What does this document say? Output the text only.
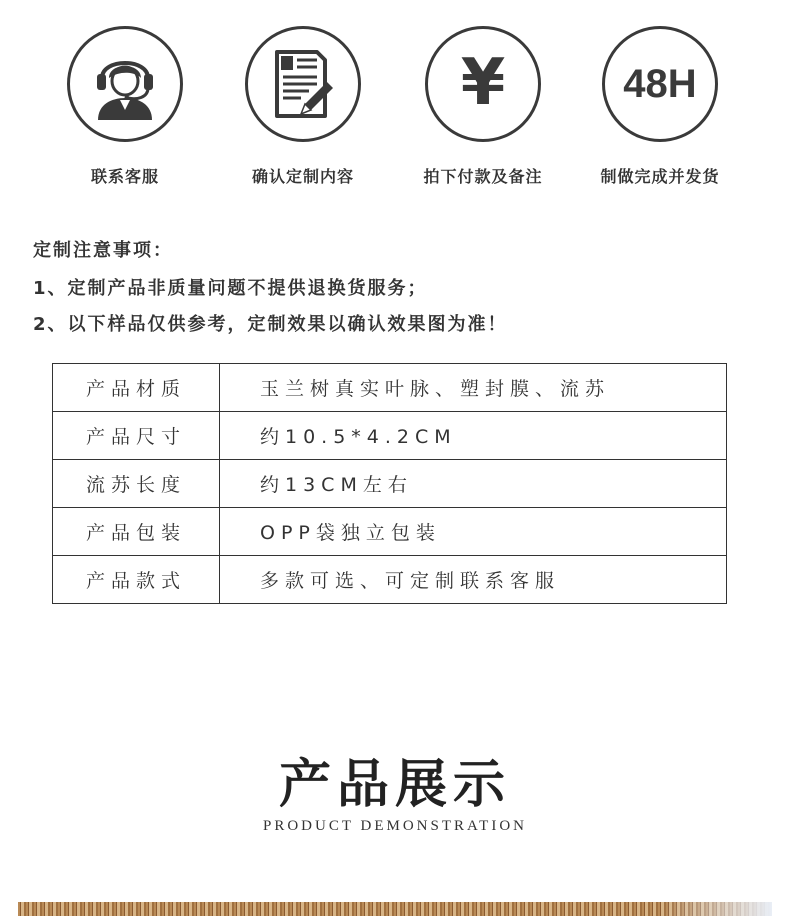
联系客服	确认定制内容
¥
拍下付款及备注
48H
制做完成并发货
定制注意事项：
1、定制产品非质量问题不提供退换货服务；
2、以下样品仅供参考，定制效果以确认效果图为准！
产品材质	玉兰树真实叶脉、塑封膜、流苏
产品尺寸	约10.5*4.2CM
流苏长度	约13CM左右
产品包装	OPP袋独立包装
产品款式	多款可选、可定制联系客服
产品展示
PRODUCT DEMONSTRATION
